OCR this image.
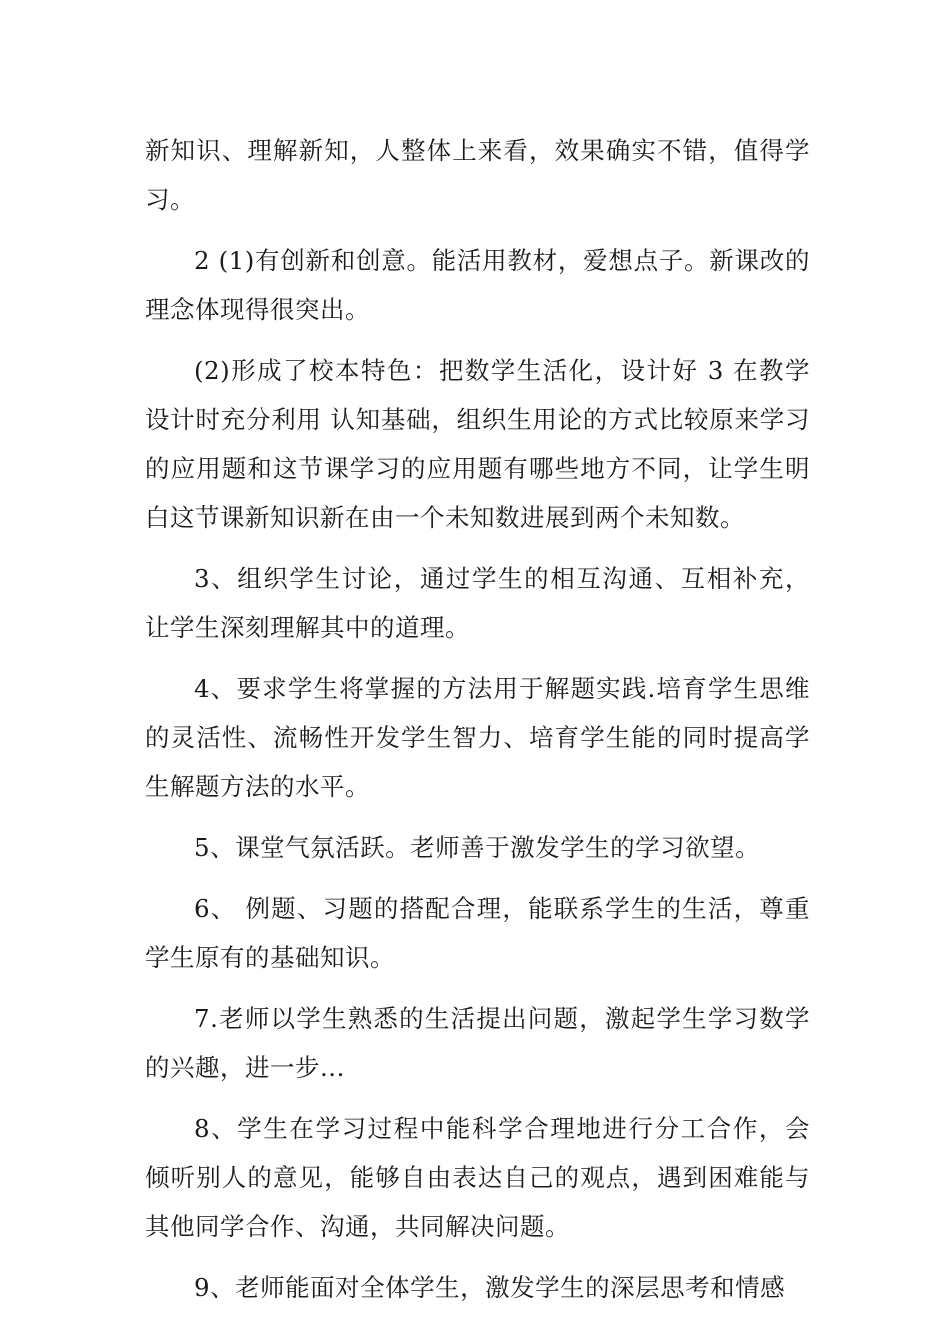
新知识、理解新知，人整体上来看，效果确实不错，值得学习。

2 (1)有创新和创意。能活用教材，爱想点子。新课改的理念体现得很突出。

(2)形成了校本特色：把数学生活化，设计好 3 在教学设计时充分利用 认知基础，组织生用论的方式比较原来学习的应用题和这节课学习的应用题有哪些地方不同，让学生明白这节课新知识新在由一个未知数进展到两个未知数。

3、组织学生讨论，通过学生的相互沟通、互相补充，让学生深刻理解其中的道理。

4、要求学生将掌握的方法用于解题实践.培育学生思维的灵活性、流畅性开发学生智力、培育学生能的同时提高学生解题方法的水平。

5、课堂气氛活跃。老师善于激发学生的学习欲望。

6、 例题、习题的搭配合理，能联系学生的生活，尊重学生原有的基础知识。

7.老师以学生熟悉的生活提出问题，激起学生学习数学的兴趣，进一步...

8、学生在学习过程中能科学合理地进行分工合作，会倾听别人的意见，能够自由表达自己的观点，遇到困难能与其他同学合作、沟通，共同解决问题。

9、老师能面对全体学生，激发学生的深层思考和情感
